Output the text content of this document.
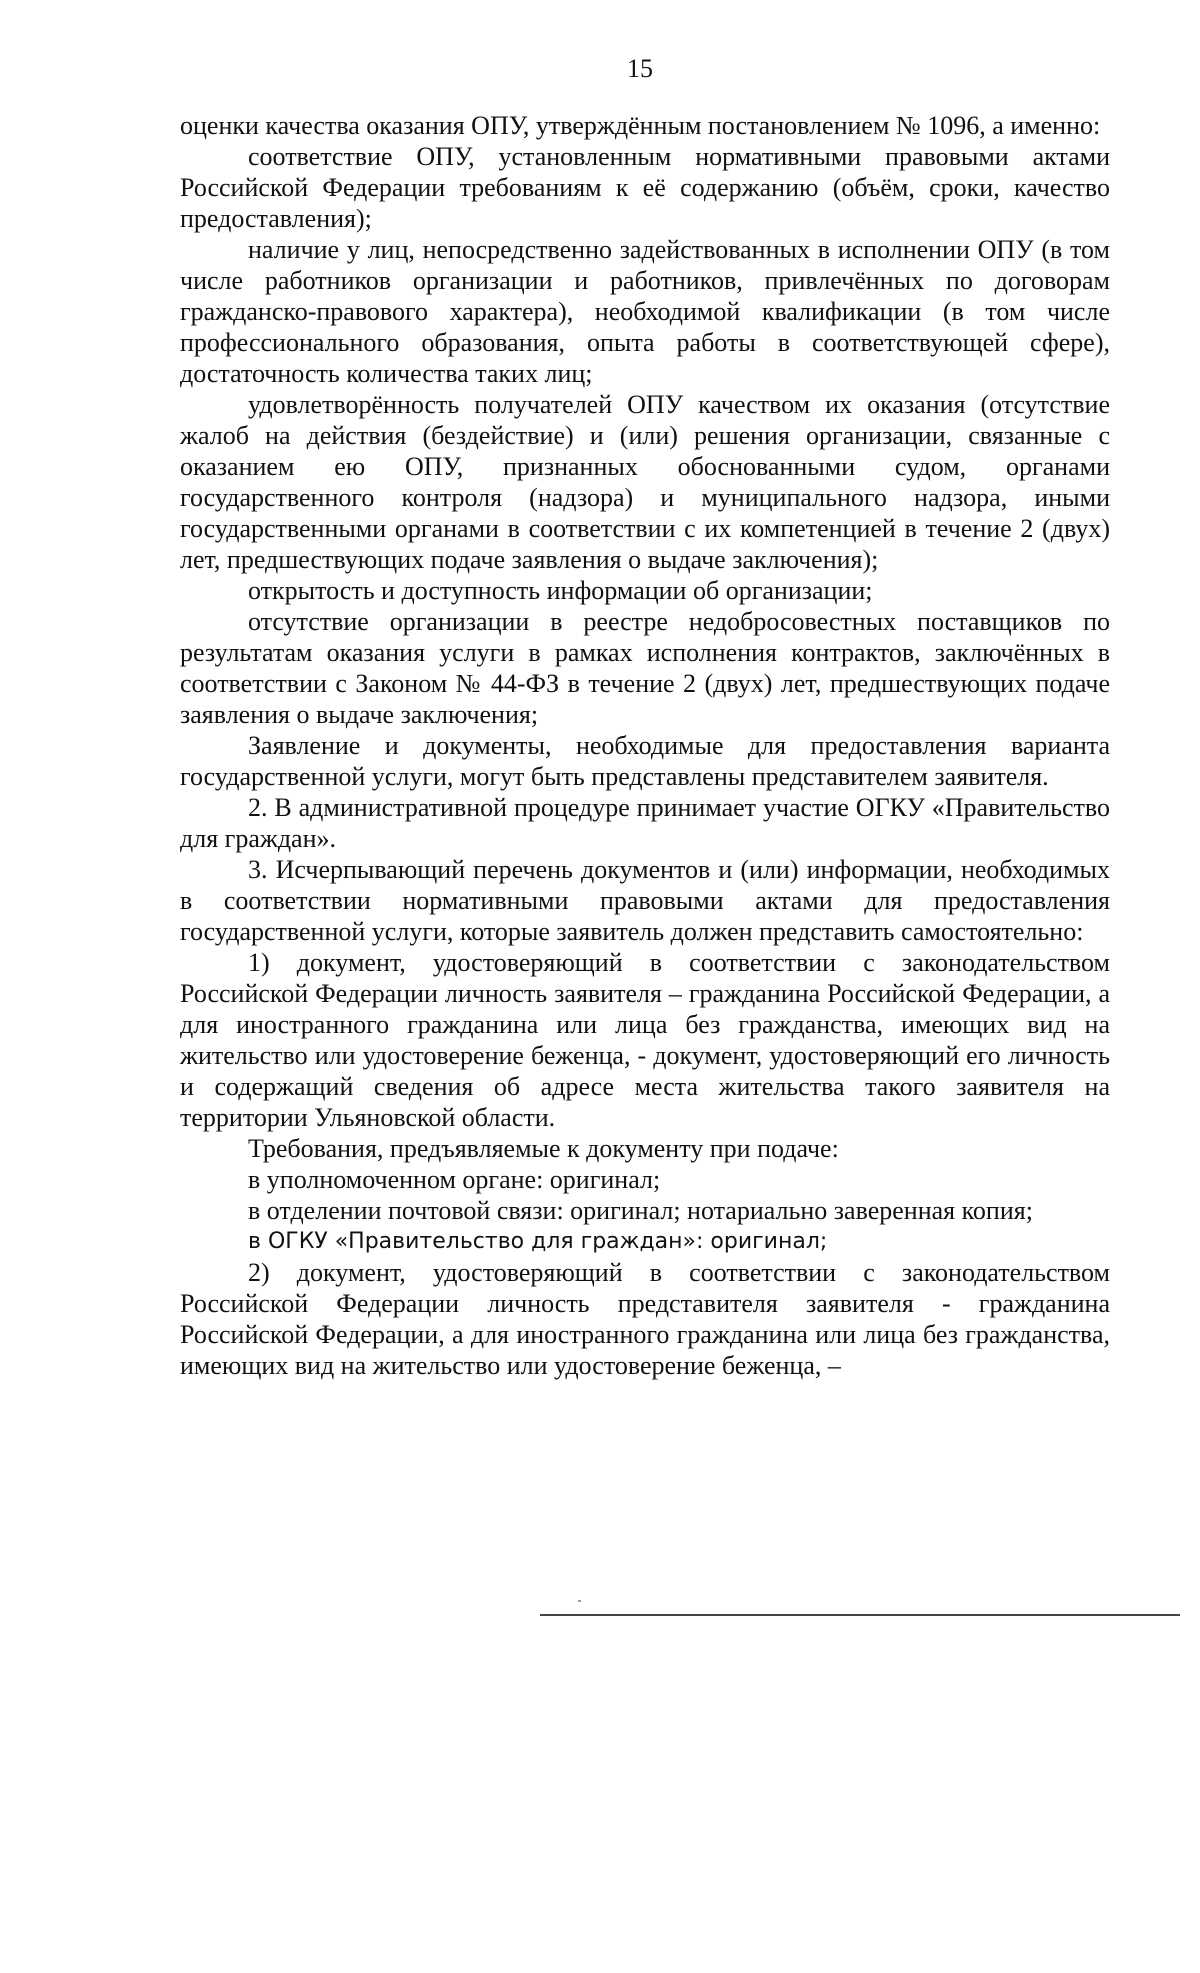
15

оценки качества оказания ОПУ, утверждённым постановлением № 1096, а именно:

соответствие ОПУ, установленным нормативными правовыми актами Российской Федерации требованиям к её содержанию (объём, сроки, качество предоставления);

наличие у лиц, непосредственно задействованных в исполнении ОПУ (в том числе работников организации и работников, привлечённых по договорам гражданско-правового характера), необходимой квалификации (в том числе профессионального образования, опыта работы в соответствующей сфере), достаточность количества таких лиц;

удовлетворённость получателей ОПУ качеством их оказания (отсутствие жалоб на действия (бездействие) и (или) решения организации, связанные с оказанием ею ОПУ, признанных обоснованными судом, органами государственного контроля (надзора) и муниципального надзора, иными государственными органами в соответствии с их компетенцией в течение 2 (двух) лет, предшествующих подаче заявления о выдаче заключения);

открытость и доступность информации об организации;

отсутствие организации в реестре недобросовестных поставщиков по результатам оказания услуги в рамках исполнения контрактов, заключённых в соответствии с Законом № 44-ФЗ в течение 2 (двух) лет, предшествующих подаче заявления о выдаче заключения;

Заявление и документы, необходимые для предоставления варианта государственной услуги, могут быть представлены представителем заявителя.

2. В административной процедуре принимает участие ОГКУ «Правительство для граждан».

3. Исчерпывающий перечень документов и (или) информации, необходимых в соответствии нормативными правовыми актами для предоставления государственной услуги, которые заявитель должен представить самостоятельно:

1) документ, удостоверяющий в соответствии с законодательством Российской Федерации личность заявителя – гражданина Российской Федерации, а для иностранного гражданина или лица без гражданства, имеющих вид на жительство или удостоверение беженца, - документ, удостоверяющий его личность и содержащий сведения об адресе места жительства такого заявителя на территории Ульяновской области.

Требования, предъявляемые к документу при подаче:

в уполномоченном органе: оригинал;

в отделении почтовой связи: оригинал; нотариально заверенная копия;

в ОГКУ «Правительство для граждан»: оригинал;

2) документ, удостоверяющий в соответствии с законодательством Российской Федерации личность представителя заявителя - гражданина Российской Федерации, а для иностранного гражданина или лица без гражданства, имеющих вид на жительство или удостоверение беженца, –
